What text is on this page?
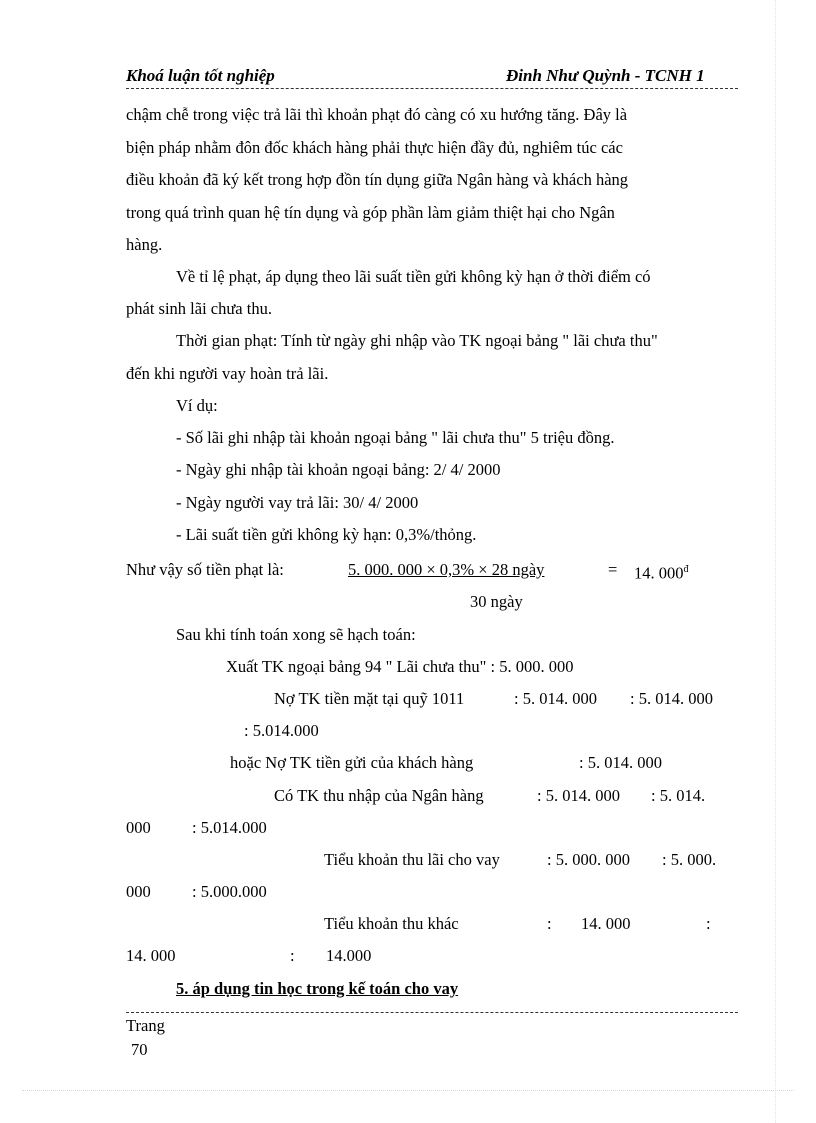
Khoá luận tốt nghiệp	Đinh Như Quỳnh - TCNH 1
chậm chễ trong việc trả lãi thì khoản phạt đó càng có xu hướng tăng. Đây là
biện pháp nhằm đôn đốc khách hàng phải thực hiện đầy đủ, nghiêm túc các
điều khoản đã ký kết trong hợp đồn tín dụng giữa Ngân hàng và khách hàng
trong quá trình quan hệ tín dụng và góp phần làm giảm thiệt hại cho Ngân
hàng.
Về tỉ lệ phạt, áp dụng theo lãi suất tiền gửi không kỳ hạn ở thời điểm có
phát sinh lãi chưa thu.
Thời gian phạt: Tính từ ngày ghi nhập vào TK ngoại bảng " lãi chưa thu"
đến khi người vay hoàn trả lãi.
Ví dụ:
- Số lãi ghi nhập tài khoản ngoại bảng " lãi chưa thu" 5 triệu đồng.
- Ngày ghi nhập tài khoản ngoại bảng: 2/ 4/ 2000
- Ngày người vay trả lãi: 30/ 4/ 2000
- Lãi suất tiền gửi không kỳ hạn: 0,3%/thỏng.
Như vậy số tiền phạt là:	5. 000. 000 × 0,3% × 28 ngày	= 14. $000^đ$
30 ngày
Sau khi tính toán xong sẽ hạch toán:
Xuất TK ngoại bảng 94 " Lãi chưa thu" : 5. 000. 000
Nợ TK tiền mặt tại quỹ 1011	: 5. 014. 000 : 5. 014. 000
: 5.014.000
hoặc Nợ TK tiền gửi của khách hàng	: 5. 014. 000
Có TK thu nhập của Ngân hàng	: 5. 014. 000 : 5. 014.
000	: 5.014.000
Tiểu khoản thu lãi cho vay	: 5. 000. 000 : 5. 000.
000	: 5.000.000
Tiểu khoản thu khác	: 14. 000	:
14. 000	: 14.000
5. áp dụng tin học trong kế toán cho vay
Trang
70
